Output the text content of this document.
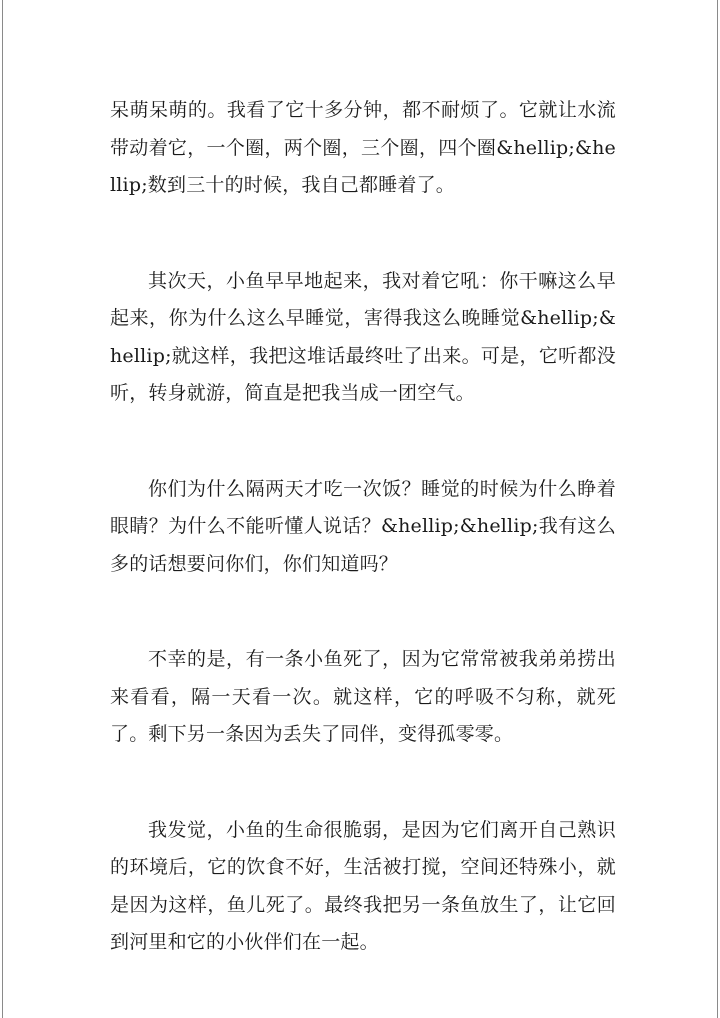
呆萌呆萌的。我看了它十多分钟，都不耐烦了。它就让水流带动着它，一个圈，两个圈，三个圈，四个圈&hellip;&hellip;数到三十的时候，我自己都睡着了。

其次天，小鱼早早地起来，我对着它吼：你干嘛这么早起来，你为什么这么早睡觉，害得我这么晚睡觉&hellip;&hellip;就这样，我把这堆话最终吐了出来。可是，它听都没听，转身就游，简直是把我当成一团空气。

你们为什么隔两天才吃一次饭？睡觉的时候为什么睁着眼睛？为什么不能听懂人说话？&hellip;&hellip;我有这么多的话想要问你们，你们知道吗？

不幸的是，有一条小鱼死了，因为它常常被我弟弟捞出来看看，隔一天看一次。就这样，它的呼吸不匀称，就死了。剩下另一条因为丢失了同伴，变得孤零零。

我发觉，小鱼的生命很脆弱，是因为它们离开自己熟识的环境后，它的饮食不好，生活被打搅，空间还特殊小，就是因为这样，鱼儿死了。最终我把另一条鱼放生了，让它回到河里和它的小伙伴们在一起。
